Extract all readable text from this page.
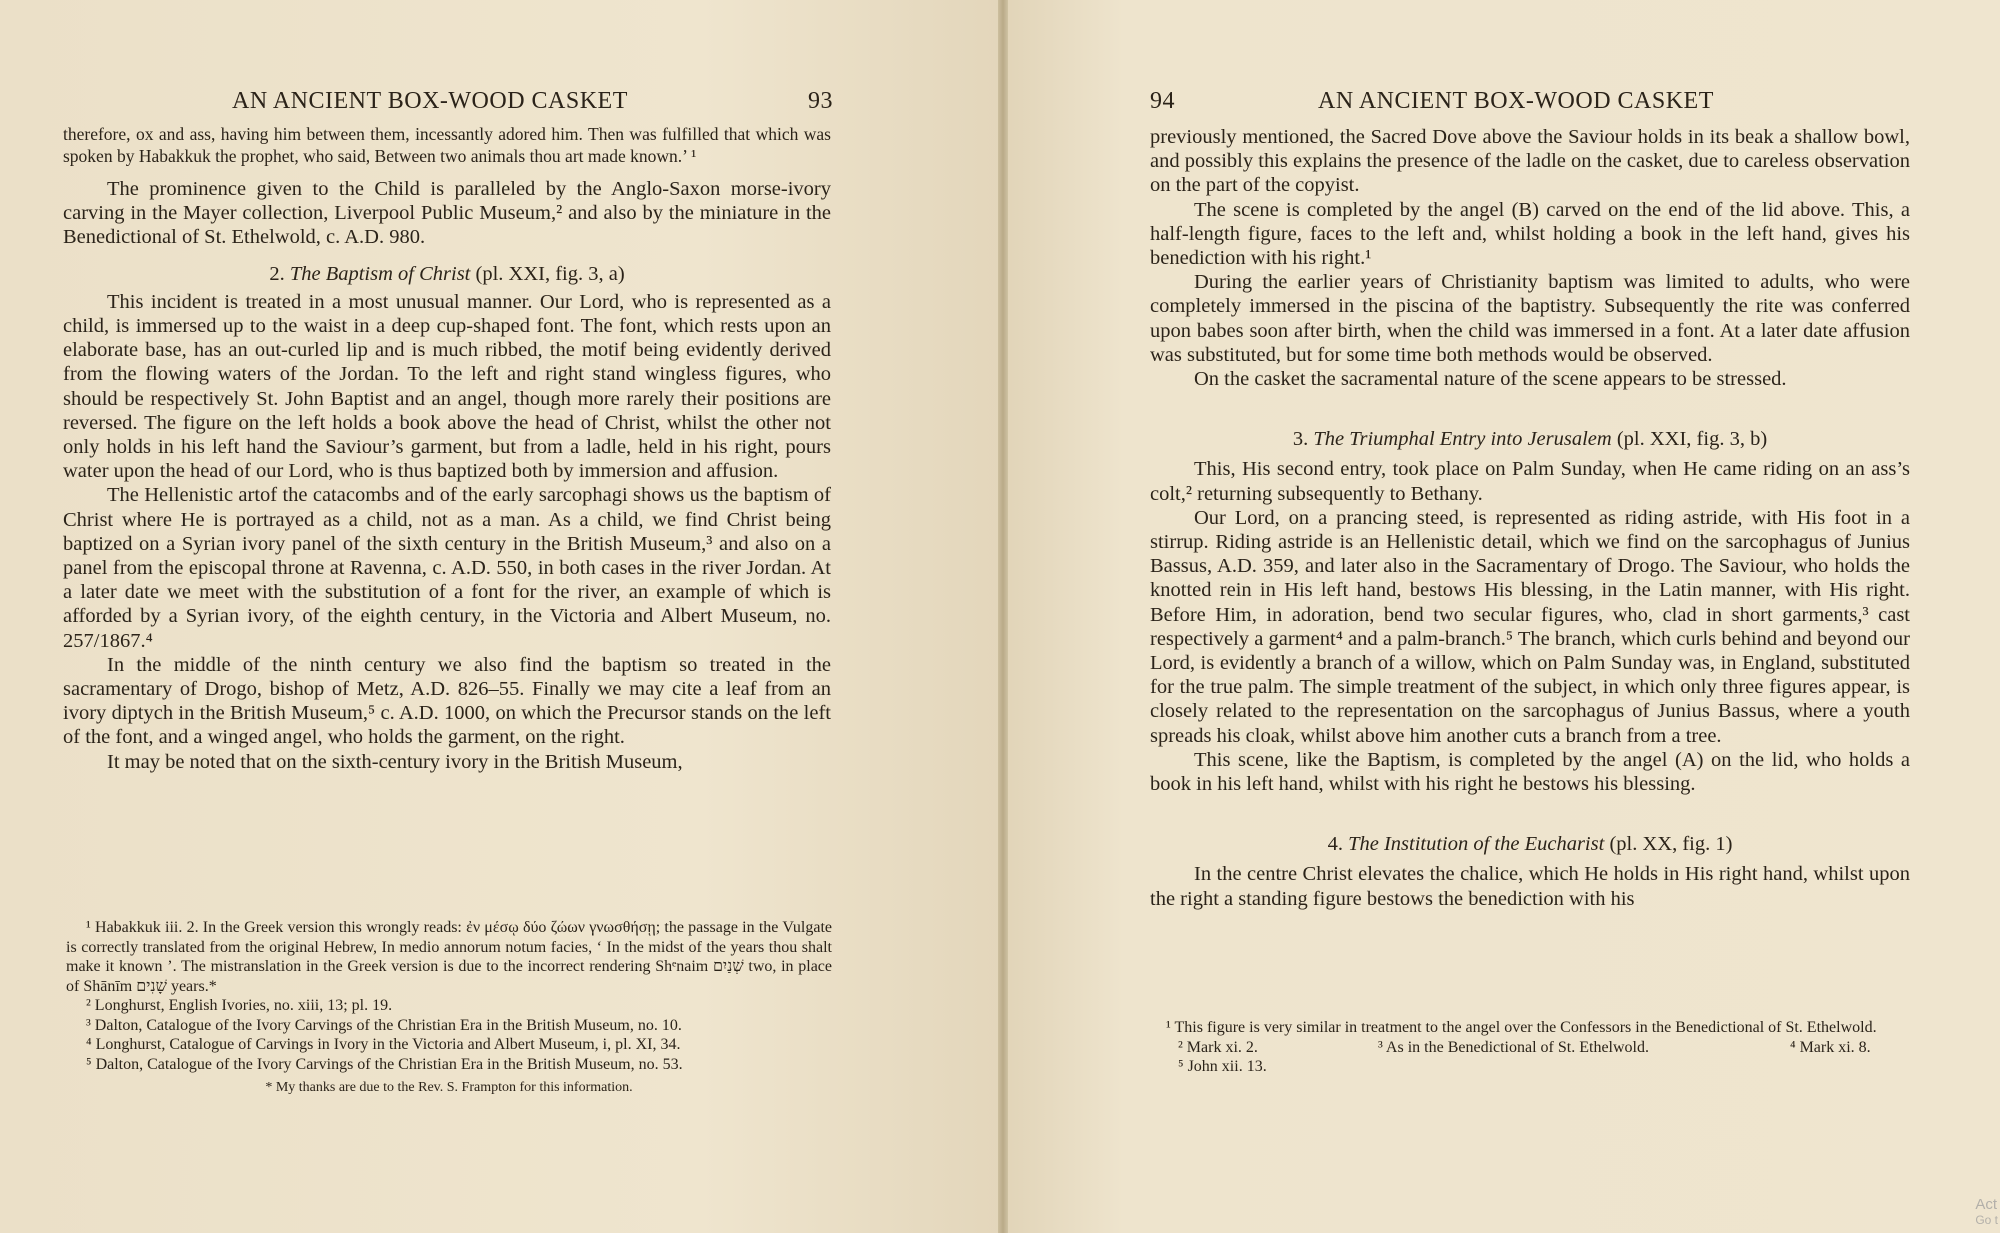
AN ANCIENT BOX-WOOD CASKET	93

therefore, ox and ass, having him between them, incessantly adored him. Then was fulfilled that which was spoken by Habakkuk the prophet, who said, Between two animals thou art made known.’ ¹

The prominence given to the Child is paralleled by the Anglo-Saxon morse-ivory carving in the Mayer collection, Liverpool Public Museum,² and also by the miniature in the Benedictional of St. Ethelwold, c. A.D. 980.

2. The Baptism of Christ (pl. XXI, fig. 3, a)

This incident is treated in a most unusual manner. Our Lord, who is represented as a child, is immersed up to the waist in a deep cup-shaped font. The font, which rests upon an elaborate base, has an out-curled lip and is much ribbed, the motif being evidently derived from the flowing waters of the Jordan. To the left and right stand wingless figures, who should be respectively St. John Baptist and an angel, though more rarely their positions are reversed. The figure on the left holds a book above the head of Christ, whilst the other not only holds in his left hand the Saviour’s garment, but from a ladle, held in his right, pours water upon the head of our Lord, who is thus baptized both by immersion and affusion.

The Hellenistic artof the catacombs and of the early sarcophagi shows us the baptism of Christ where He is portrayed as a child, not as a man. As a child, we find Christ being baptized on a Syrian ivory panel of the sixth century in the British Museum,³ and also on a panel from the episcopal throne at Ravenna, c. A.D. 550, in both cases in the river Jordan. At a later date we meet with the substitution of a font for the river, an example of which is afforded by a Syrian ivory, of the eighth century, in the Victoria and Albert Museum, no. 257/1867.⁴

In the middle of the ninth century we also find the baptism so treated in the sacramentary of Drogo, bishop of Metz, A.D. 826–55. Finally we may cite a leaf from an ivory diptych in the British Museum,⁵ c. A.D. 1000, on which the Precursor stands on the left of the font, and a winged angel, who holds the garment, on the right.

It may be noted that on the sixth-century ivory in the British Museum,

¹ Habakkuk iii. 2. In the Greek version this wrongly reads: ἐν μέσῳ δύο ζώων γνωσθήσῃ; the passage in the Vulgate is correctly translated from the original Hebrew, In medio annorum notum facies, ‘ In the midst of the years thou shalt make it known ’. The mistranslation in the Greek version is due to the incorrect rendering Shᵉnaim שְׁנַיִם two, in place of Shānīm שָׁנִים years.*

² Longhurst, English Ivories, no. xiii, 13; pl. 19.

³ Dalton, Catalogue of the Ivory Carvings of the Christian Era in the British Museum, no. 10.

⁴ Longhurst, Catalogue of Carvings in Ivory in the Victoria and Albert Museum, i, pl. XI, 34.

⁵ Dalton, Catalogue of the Ivory Carvings of the Christian Era in the British Museum, no. 53.

* My thanks are due to the Rev. S. Frampton for this information.

94	AN ANCIENT BOX-WOOD CASKET

previously mentioned, the Sacred Dove above the Saviour holds in its beak a shallow bowl, and possibly this explains the presence of the ladle on the casket, due to careless observation on the part of the copyist.

The scene is completed by the angel (B) carved on the end of the lid above. This, a half-length figure, faces to the left and, whilst holding a book in the left hand, gives his benediction with his right.¹

During the earlier years of Christianity baptism was limited to adults, who were completely immersed in the piscina of the baptistry. Subsequently the rite was conferred upon babes soon after birth, when the child was immersed in a font. At a later date affusion was substituted, but for some time both methods would be observed.

On the casket the sacramental nature of the scene appears to be stressed.

3. The Triumphal Entry into Jerusalem (pl. XXI, fig. 3, b)

This, His second entry, took place on Palm Sunday, when He came riding on an ass’s colt,² returning subsequently to Bethany.

Our Lord, on a prancing steed, is represented as riding astride, with His foot in a stirrup. Riding astride is an Hellenistic detail, which we find on the sarcophagus of Junius Bassus, A.D. 359, and later also in the Sacramentary of Drogo. The Saviour, who holds the knotted rein in His left hand, bestows His blessing, in the Latin manner, with His right. Before Him, in adoration, bend two secular figures, who, clad in short garments,³ cast respectively a garment⁴ and a palm-branch.⁵ The branch, which curls behind and beyond our Lord, is evidently a branch of a willow, which on Palm Sunday was, in England, substituted for the true palm. The simple treatment of the subject, in which only three figures appear, is closely related to the representation on the sarcophagus of Junius Bassus, where a youth spreads his cloak, whilst above him another cuts a branch from a tree.

This scene, like the Baptism, is completed by the angel (A) on the lid, who holds a book in his left hand, whilst with his right he bestows his blessing.

4. The Institution of the Eucharist (pl. XX, fig. 1)

In the centre Christ elevates the chalice, which He holds in His right hand, whilst upon the right a standing figure bestows the benediction with his

¹ This figure is very similar in treatment to the angel over the Confessors in the Benedictional of St. Ethelwold.

² Mark xi. 2.	³ As in the Benedictional of St. Ethelwold.	⁴ Mark xi. 8.

⁵ John xii. 13.

Act
Go t
